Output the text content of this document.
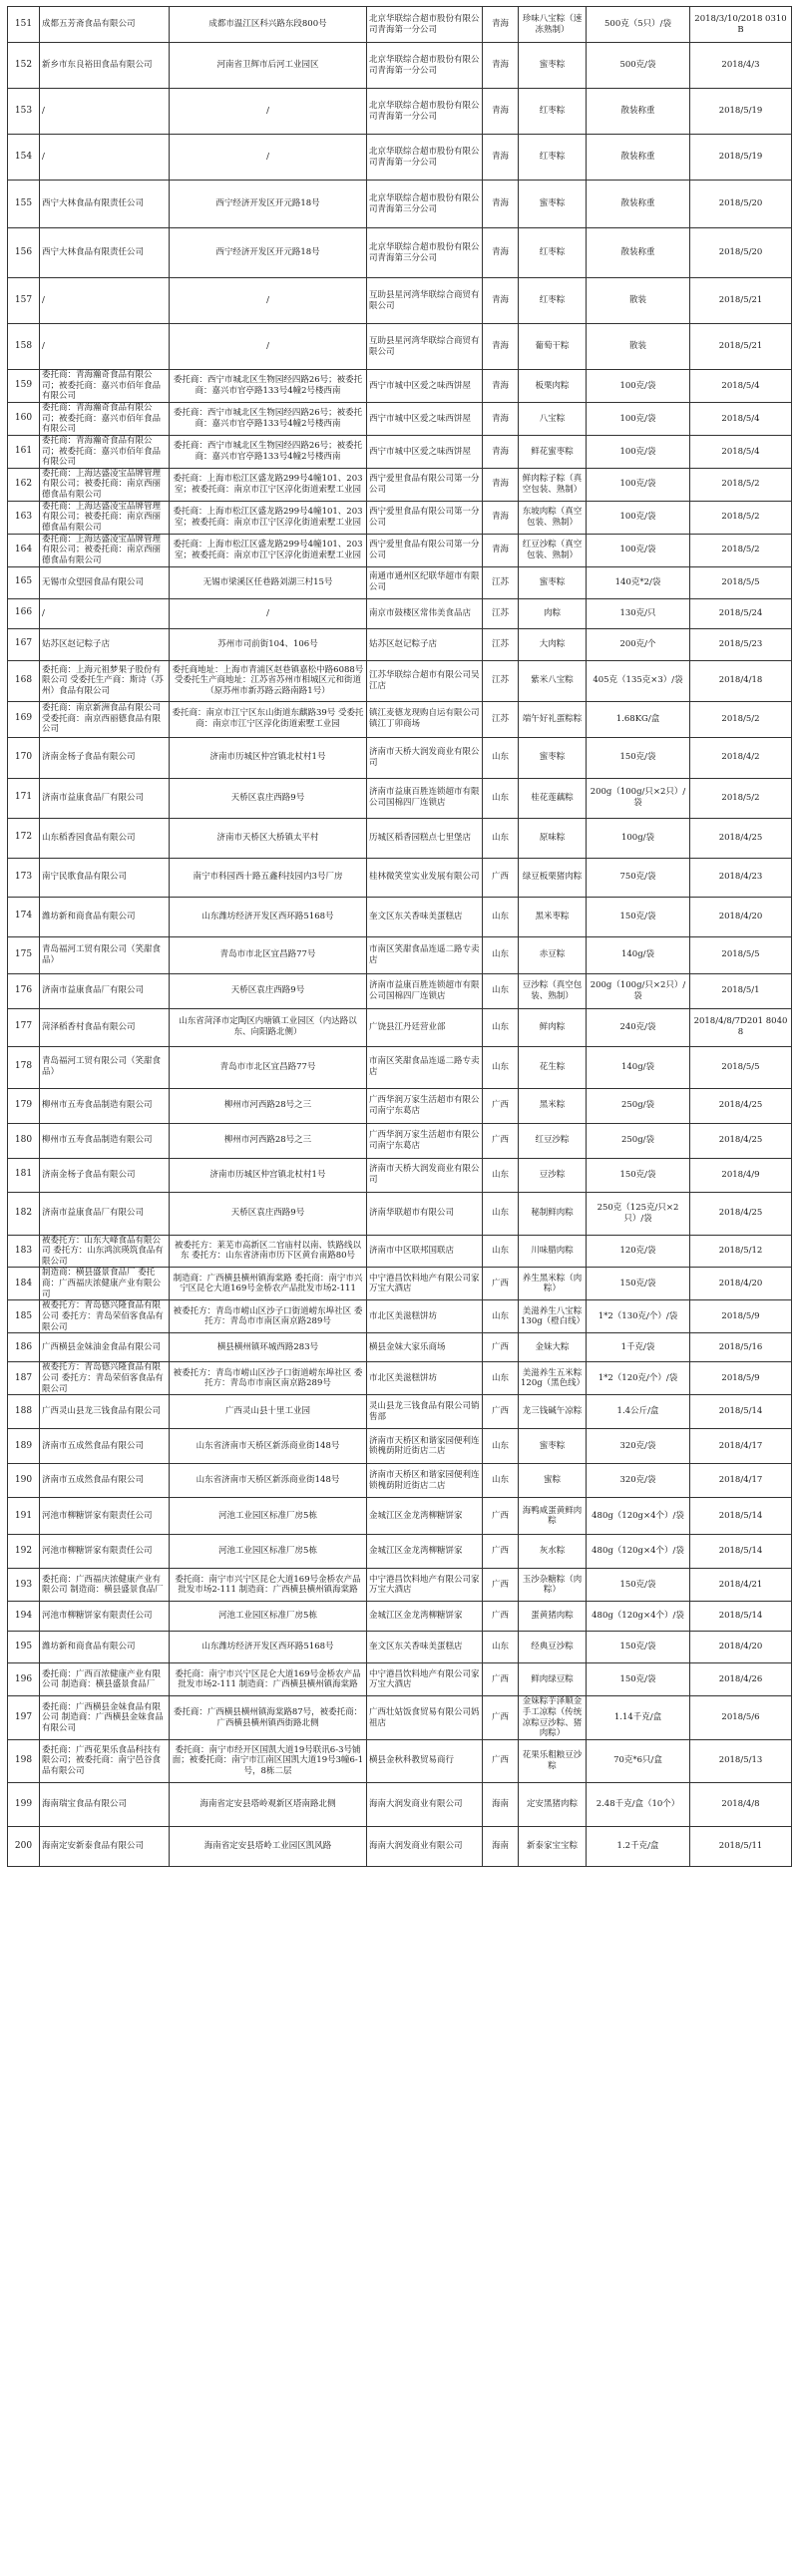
151	成都五芳斋食品有限公司	成都市温江区科兴路东段800号	北京华联综合超市股份有限公司青海第一分公司	青海	珍味八宝粽（速冻熟制）	500克（5只）/袋	2018/3/10/2018 0310B
152	新乡市东良裕田食品有限公司	河南省卫辉市后河工业园区	北京华联综合超市股份有限公司青海第一分公司	青海	蜜枣粽	500克/袋	2018/4/3
153	/	/	北京华联综合超市股份有限公司青海第一分公司	青海	红枣粽	散装称重	2018/5/19
154	/	/	北京华联综合超市股份有限公司青海第一分公司	青海	红枣粽	散装称重	2018/5/19
155	西宁大林食品有限责任公司	西宁经济开发区开元路18号	北京华联综合超市股份有限公司青海第三分公司	青海	蜜枣粽	散装称重	2018/5/20
156	西宁大林食品有限责任公司	西宁经济开发区开元路18号	北京华联综合超市股份有限公司青海第三分公司	青海	红枣粽	散装称重	2018/5/20
157	/	/	互助县星河湾华联综合商贸有限公司	青海	红枣粽	散装	2018/5/21
158	/	/	互助县星河湾华联综合商贸有限公司	青海	葡萄干粽	散装	2018/5/21
159	委托商：青海瀚奇食品有限公司；被委托商：嘉兴市佰年食品有限公司	委托商：西宁市城北区生物园经四路26号；被委托商：嘉兴市官亭路133号4幢2号楼西南	西宁市城中区爱之味西饼屋	青海	板栗肉粽	100克/袋	2018/5/4
160	委托商：青海瀚奇食品有限公司；被委托商：嘉兴市佰年食品有限公司	委托商：西宁市城北区生物园经四路26号；被委托商：嘉兴市官亭路133号4幢2号楼西南	西宁市城中区爱之味西饼屋	青海	八宝粽	100克/袋	2018/5/4
161	委托商：青海瀚奇食品有限公司；被委托商：嘉兴市佰年食品有限公司	委托商：西宁市城北区生物园经四路26号；被委托商：嘉兴市官亭路133号4幢2号楼西南	西宁市城中区爱之味西饼屋	青海	鲜花蜜枣粽	100克/袋	2018/5/4
162	委托商：上海达盛凌宝品牌管理有限公司；被委托商：南京西丽德食品有限公司	委托商：上海市松江区盛龙路299号4幢101、203室；被委托商：南京市江宁区淳化街道索墅工业园	西宁爱里食品有限公司第一分公司	青海	鲜肉粽子粽（真空包装、熟制）	100克/袋	2018/5/2
163	委托商：上海达盛凌宝品牌管理有限公司；被委托商：南京西丽德食品有限公司	委托商：上海市松江区盛龙路299号4幢101、203室；被委托商：南京市江宁区淳化街道索墅工业园	西宁爱里食品有限公司第一分公司	青海	东坡肉粽（真空包装、熟制）	100克/袋	2018/5/2
164	委托商：上海达盛凌宝品牌管理有限公司；被委托商：南京西丽德食品有限公司	委托商：上海市松江区盛龙路299号4幢101、203室；被委托商：南京市江宁区淳化街道索墅工业园	西宁爱里食品有限公司第一分公司	青海	红豆沙粽（真空包装、熟制）	100克/袋	2018/5/2
165	无锡市众望园食品有限公司	无锡市梁溪区任巷路刘湖三村15号	南通市通州区纪联华超市有限公司	江苏	蜜枣粽	140克*2/袋	2018/5/5
166	/	/	南京市鼓楼区常伟美食品店	江苏	肉粽	130克/只	2018/5/24
167	姑苏区赵记粽子店	苏州市司前街104、106号	姑苏区赵记粽子店	江苏	大肉粽	200克/个	2018/5/23
168	委托商：上海元祖梦果子股份有限公司 受委托生产商：斯诗（苏州）食品有限公司	委托商地址：上海市青浦区赵巷镇嘉松中路6088号 受委托生产商地址：江苏省苏州市相城区元和街道（原苏州市新苏路云路南路1号）	江苏华联综合超市有限公司吴江店	江苏	紫米八宝粽	405克（135克×3）/袋	2018/4/18
169	委托商：南京新洲食品有限公司 受委托商：南京西丽德食品有限公司	委托商：南京市江宁区东山街道东麒路39号 受委托商：南京市江宁区淳化街道索墅工业园	镇江麦德龙现购自运有限公司镇江丁卯商场	江苏	端午好礼蛋粽粽	1.68KG/盒	2018/5/2
170	济南金杨子食品有限公司	济南市历城区仲宫镇北杖村1号	济南市天桥大润发商业有限公司	山东	蜜枣粽	150克/袋	2018/4/2
171	济南市益康食品厂有限公司	天桥区袁庄西路9号	济南市益康百胜连锁超市有限公司国棉四厂连锁店	山东	桂花莲藕粽	200g（100g/只×2只）/袋	2018/5/2
172	山东稻香园食品有限公司	济南市天桥区大桥镇太平村	历城区稻香园糕点七里堡店	山东	原味粽	100g/袋	2018/4/25
173	南宁民歌食品有限公司	南宁市科园西十路五鑫科技园内3号厂房	桂林微笑堂实业发展有限公司	广西	绿豆板栗猪肉粽	750克/袋	2018/4/23
174	潍坊新和商食品有限公司	山东潍坊经济开发区西环路5168号	奎文区东关香味美蛋糕店	山东	黑米枣粽	150克/袋	2018/4/20
175	青岛福河工贸有限公司（笑甜食品）	青岛市市北区宜昌路77号	市南区笑甜食品连遥二路专卖店	山东	赤豆粽	140g/袋	2018/5/5
176	济南市益康食品厂有限公司	天桥区袁庄西路9号	济南市益康百胜连锁超市有限公司国棉四厂连锁店	山东	豆沙粽（真空包装、熟制）	200g（100g/只×2只）/袋	2018/5/1
177	菏泽稻香村食品有限公司	山东省菏泽市定陶区内塘镇工业园区（内达路以东、向阳路北侧）	广饶县江丹廷营业部	山东	鲜肉粽	240克/袋	2018/4/8/7D201 80408
178	青岛福河工贸有限公司（笑甜食品）	青岛市市北区宜昌路77号	市南区笑甜食品连遥二路专卖店	山东	花生粽	140g/袋	2018/5/5
179	柳州市五寿食品制造有限公司	柳州市河西路28号之三	广西华润万家生活超市有限公司南宁东葛店	广西	黑米粽	250g/袋	2018/4/25
180	柳州市五寿食品制造有限公司	柳州市河西路28号之三	广西华润万家生活超市有限公司南宁东葛店	广西	红豆沙粽	250g/袋	2018/4/25
181	济南金杨子食品有限公司	济南市历城区仲宫镇北杖村1号	济南市天桥大润发商业有限公司	山东	豆沙粽	150克/袋	2018/4/9
182	济南市益康食品厂有限公司	天桥区袁庄西路9号	济南华联超市有限公司	山东	秘制鲜肉粽	250克（125克/只×2只）/袋	2018/4/25
183	被委托方：山东大峰食品有限公司 委托方：山东鸿滨瑛筑食品有限公司	被委托方：莱芜市高新区二官庙村以南、铁路线以东 委托方：山东省济南市历下区黄台南路80号	济南市中区联邦国联店	山东	川味腊肉粽	120克/袋	2018/5/12
184	制造商：横县盛景食品厂 委托商：广西福庆浓健康产业有限公司	制造商：广西横县横州镇海棠路 委托商：南宁市兴宁区昆仑大道169号金桥农产品批发市场2-111	中宁港昌饮料地产有限公司家万宝大酒店	广西	养生黑米粽（肉粽）	150克/袋	2018/4/20
185	被委托方：青岛德兴隆食品有限公司 委托方：青岛荣佰客食品有限公司	被委托方：青岛市崂山区沙子口街道崂东埠社区 委托方：青岛市市南区南京路289号	市北区美滋糕饼坊	山东	美滋养生八宝粽130g（橙白线）	1*2（130克/个）/袋	2018/5/9
186	广西横县金妹油金食品有限公司	横县横州镇环城西路283号	横县金妹大家乐商场	广西	金妹大粽	1千克/袋	2018/5/16
187	被委托方：青岛德兴隆食品有限公司 委托方：青岛荣佰客食品有限公司	被委托方：青岛市崂山区沙子口街道崂东埠社区 委托方：青岛市市南区南京路289号	市北区美滋糕饼坊	山东	美滋养生五米粽120g（黑色线）	1*2（120克/个）/袋	2018/5/9
188	广西灵山县龙三钱食品有限公司	广西灵山县十里工业园	灵山县龙三钱食品有限公司销售部	广西	龙三钱碱午凉粽	1.4公斤/盒	2018/5/14
189	济南市五成然食品有限公司	山东省济南市天桥区新泺商业街148号	济南市天桥区和谐家园便利连锁槐荫附近街店二店	山东	蜜枣粽	320克/袋	2018/4/17
190	济南市五成然食品有限公司	山东省济南市天桥区新泺商业街148号	济南市天桥区和谐家园便利连锁槐荫附近街店二店	山东	蜜粽	320克/袋	2018/4/17
191	河池市柳糖饼家有限责任公司	河池工业园区标准厂房5栋	金城江区金龙湾柳糖饼家	广西	海鸭咸蛋黄鲜肉粽	480g（120g×4个）/袋	2018/5/14
192	河池市柳糖饼家有限责任公司	河池工业园区标准厂房5栋	金城江区金龙湾柳糖饼家	广西	灰水粽	480g（120g×4个）/袋	2018/5/14
193	委托商：广西福庆浓健康产业有限公司 制造商：横县盛景食品厂	委托商：南宁市兴宁区昆仑大道169号金桥农产品批发市场2-111 制造商：广西横县横州镇海棠路	中宁港昌饮料地产有限公司家万宝大酒店	广西	玉沙杂糖粽（肉粽）	150克/袋	2018/4/21
194	河池市柳糖饼家有限责任公司	河池工业园区标准厂房5栋	金城江区金龙湾柳糖饼家	广西	蛋黄猪肉粽	480g（120g×4个）/袋	2018/5/14
195	潍坊新和商食品有限公司	山东潍坊经济开发区西环路5168号	奎文区东关香味美蛋糕店	山东	经典豆沙粽	150克/袋	2018/4/20
196	委托商：广西百浓健康产业有限公司 制造商：横县盛景食品厂	委托商：南宁市兴宁区昆仑大道169号金桥农产品批发市场2-111 制造商：广西横县横州镇海棠路	中宁港昌饮料地产有限公司家万宝大酒店	广西	鲜肉绿豆粽	150克/袋	2018/4/26
197	委托商：广西横县金妹食品有限公司 制造商：广西横县金妹食品有限公司	委托商：广西横县横州镇海棠路87号，被委托商：广西横县横州镇西街路北侧	广西壮姑饭食贸易有限公司妈祖店	广西	金妹粽芋泽顺金手工凉粽（传统凉粽豆沙粽、猪肉粽）	1.14千克/盒	2018/5/6
198	委托商：广西花果乐食品科技有限公司；被委托商：南宁邑谷食品有限公司	委托商：南宁市经开区国凯大道19号联讯6-3号铺面；被委托商：南宁市江南区国凯大道19号3幢6-1号，8栋二层	横县金秋科教贸易商行	广西	花果乐粗粮豆沙粽	70克*6只/盒	2018/5/13
199	海南瑞宝食品有限公司	海南省定安县塔岭观新区塔南路北侧	海南大润发商业有限公司	海南	定安黑猪肉粽	2.48千克/盒（10个）	2018/4/8
200	海南定安新泰食品有限公司	海南省定安县塔岭工业园区凯风路	海南大润发商业有限公司	海南	新泰家宝宝粽	1.2千克/盒	2018/5/11
